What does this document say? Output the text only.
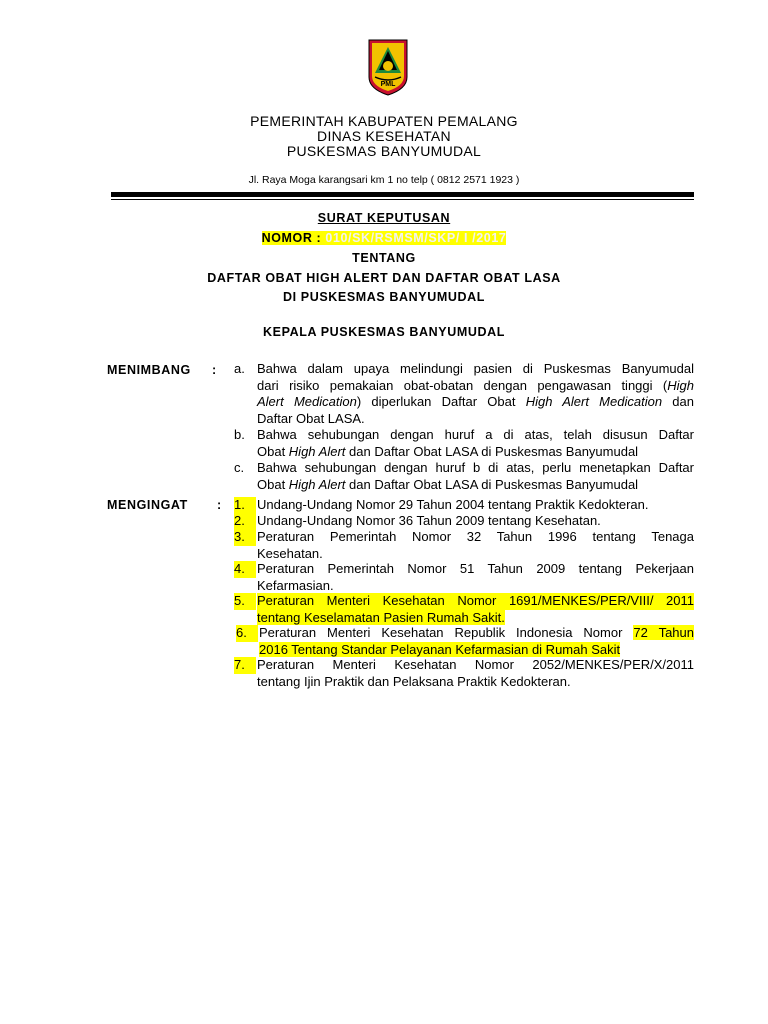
PML
PEMERINTAH KABUPATEN PEMALANG
DINAS KESEHATAN
PUSKESMAS BANYUMUDAL
Jl. Raya Moga karangsari km 1 no telp ( 0812 2571 1923 )
SURAT KEPUTUSAN
NOMOR : 010/SK/RSMSM/SKP/ I /2017
TENTANG
DAFTAR OBAT HIGH ALERT DAN DAFTAR OBAT LASA
DI PUSKESMAS BANYUMUDAL
KEPALA PUSKESMAS BANYUMUDAL
MENIMBANG : a. Bahwa dalam upaya melindungi pasien di Puskesmas Banyumudal
dari risiko pemakaian obat-obatan dengan pengawasan tinggi (High
Alert Medication) diperlukan Daftar Obat High Alert Medication dan
Daftar Obat LASA.
b. Bahwa sehubungan dengan huruf a di atas, telah disusun Daftar
Obat High Alert dan Daftar Obat LASA di Puskesmas Banyumudal
c. Bahwa sehubungan dengan huruf b di atas, perlu menetapkan Daftar
Obat High Alert dan Daftar Obat LASA di Puskesmas Banyumudal
MENGINGAT : 1. Undang-Undang Nomor 29 Tahun 2004 tentang Praktik Kedokteran.
2. Undang-Undang Nomor 36 Tahun 2009 tentang Kesehatan.
3. Peraturan Pemerintah Nomor 32 Tahun 1996 tentang Tenaga
Kesehatan.
4. Peraturan Pemerintah Nomor 51 Tahun 2009 tentang Pekerjaan
Kefarmasian.
5. Peraturan Menteri Kesehatan Nomor 1691/MENKES/PER/VIII/ 2011
tentang Keselamatan Pasien Rumah Sakit.
6. Peraturan Menteri Kesehatan Republik Indonesia Nomor 72 Tahun
2016 Tentang Standar Pelayanan Kefarmasian di Rumah Sakit
7. Peraturan Menteri Kesehatan Nomor 2052/MENKES/PER/X/2011
tentang Ijin Praktik dan Pelaksana Praktik Kedokteran.
